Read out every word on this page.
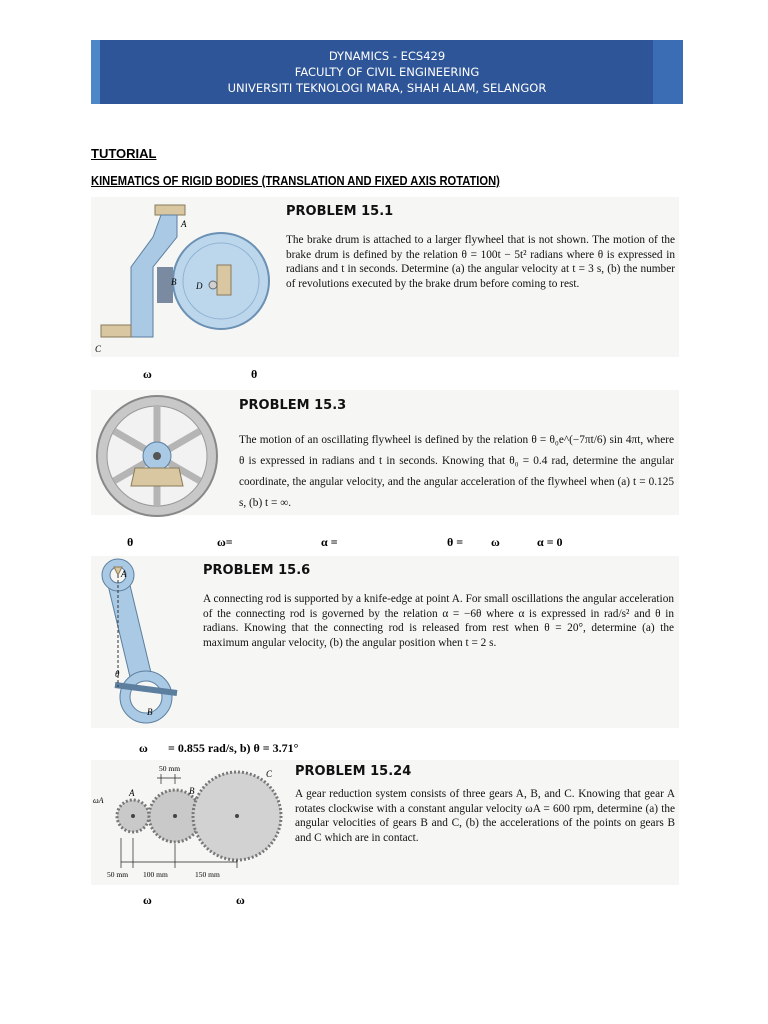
DYNAMICS - ECS429
FACULTY OF CIVIL ENGINEERING
UNIVERSITI TEKNOLOGI MARA, SHAH ALAM, SELANGOR
TUTORIAL
KINEMATICS OF RIGID BODIES (TRANSLATION AND FIXED AXIS ROTATION)
A
B
C
D
PROBLEM 15.1
The brake drum is attached to a larger flywheel that is not shown. The motion of the brake drum is defined by the relation θ = 100t − 5t² radians where θ is expressed in radians and t in seconds. Determine (a) the angular velocity at t = 3 s, (b) the number of revolutions executed by the brake drum before coming to rest.
ω	θ
PROBLEM 15.3
The motion of an oscillating flywheel is defined by the relation θ = θ₀e^(−7πt/6) sin 4πt, where θ is expressed in radians and t in seconds. Knowing that θ₀ = 0.4 rad, determine the angular coordinate, the angular velocity, and the angular acceleration of the flywheel when (a) t = 0.125 s, (b) t = ∞.
θ	ω=	α =	θ = ω	α = 0
A
B
θ
PROBLEM 15.6
A connecting rod is supported by a knife-edge at point A. For small oscillations the angular acceleration of the connecting rod is governed by the relation α = −6θ where α is expressed in rad/s² and θ in radians. Knowing that the connecting rod is released from rest when θ = 20°, determine (a) the maximum angular velocity, (b) the angular position when t = 2 s.
ω = 0.855 rad/s, b) θ = 3.71°
ωA
A	B
C
50 mm
50 mm 100 mm	150 mm
PROBLEM 15.24
A gear reduction system consists of three gears A, B, and C. Knowing that gear A rotates clockwise with a constant angular velocity ωA = 600 rpm, determine (a) the angular velocities of gears B and C, (b) the accelerations of the points on gears B and C which are in contact.
ω	ω
